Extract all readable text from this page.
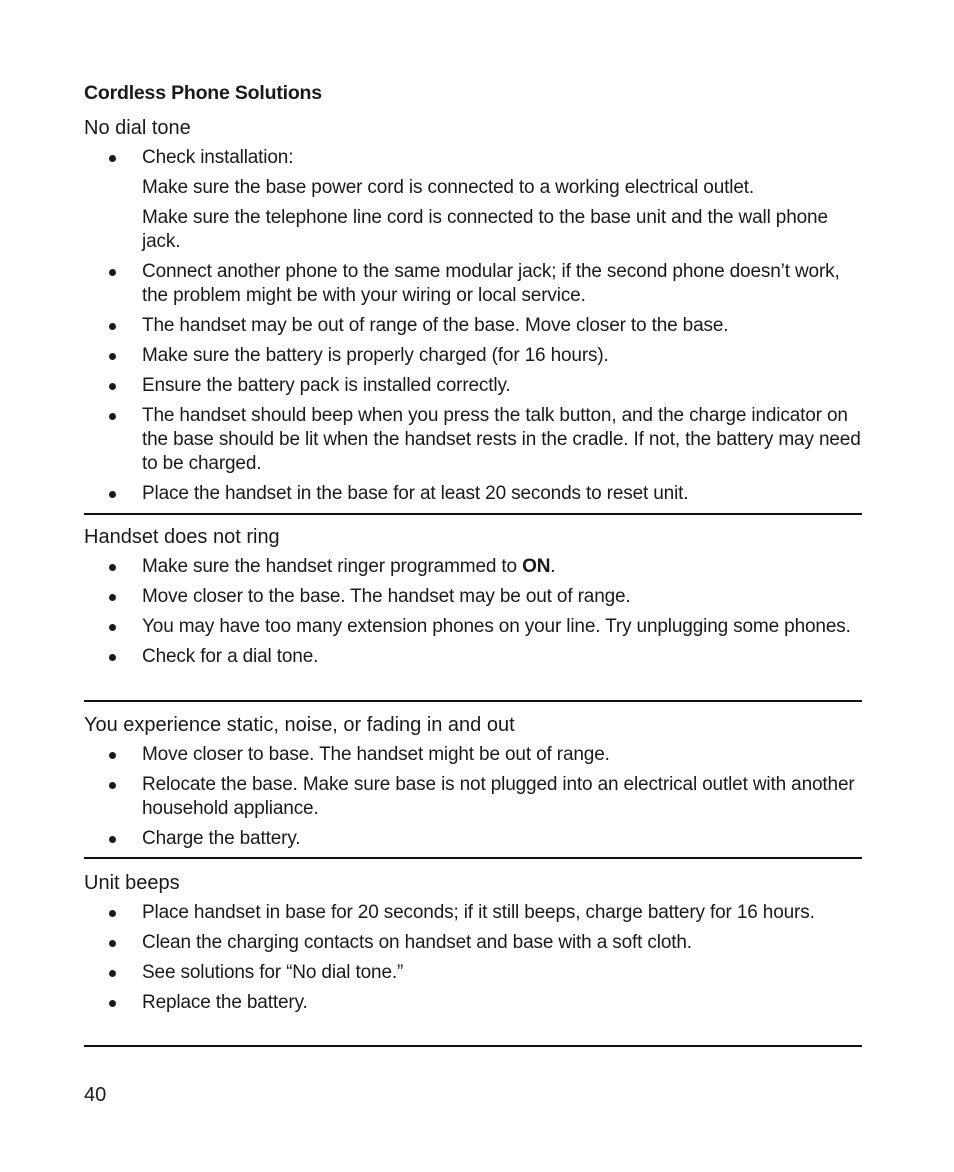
Cordless Phone Solutions
No dial tone
Check installation:
Make sure the base power cord is connected to a working electrical outlet.
Make sure the telephone line cord is connected to the base unit and the wall phone jack.
Connect another phone to the same modular jack; if the second phone doesn’t work, the problem might be with your wiring or local service.
The handset may be out of range of the base. Move closer to the base.
Make sure the battery is properly charged (for 16 hours).
Ensure the battery pack is installed correctly.
The handset should beep when you press the talk button, and the charge indicator on the base should be lit when the handset rests in the cradle. If not, the battery may need to be charged.
Place the handset in the base for at least 20 seconds to reset unit.
Handset does not ring
Make sure the handset ringer programmed to ON.
Move closer to the base. The handset may be out of range.
You may have too many extension phones on your line. Try unplugging some phones.
Check for a dial tone.
You experience static, noise, or fading in and out
Move closer to base. The handset might be out of range.
Relocate the base. Make sure base is not plugged into an electrical outlet with another household appliance.
Charge the battery.
Unit beeps
Place handset in base for 20 seconds; if it still beeps, charge battery for 16 hours.
Clean the charging contacts on handset and base with a soft cloth.
See solutions for “No dial tone.”
Replace the battery.
40
